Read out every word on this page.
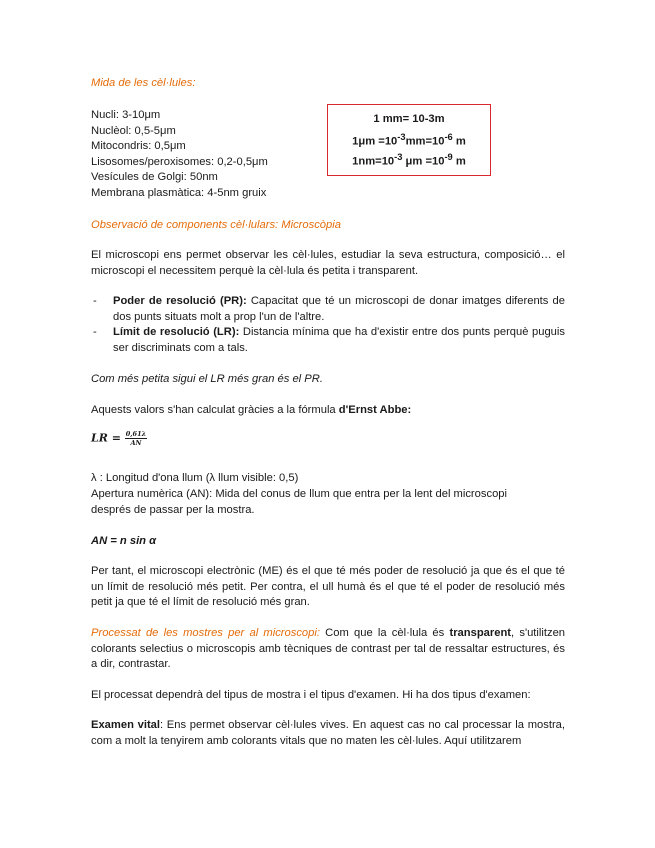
Mida de les cèl·lules:
Nucli: 3-10μm
Nuclèol: 0,5-5μm
Mitocondris: 0,5μm
Lisosomes/peroxisomes: 0,2-0,5μm
Vesícules de Golgi: 50nm
Membrana plasmàtica: 4-5nm gruix
1 mm= 10-3m
$1\mu m =10^{-3}mm=10^{-6}$ m
$1nm=10^{-3}$ $\mu m =10^{-9}$ m
Observació de components cèl·lulars: Microscòpia

El microscopi ens permet observar les cèl·lules, estudiar la seva estructura, composició… el microscopi el necessitem perquè la cèl·lula és petita i transparent.

- Poder de resolució (PR): Capacitat que té un microscopi de donar imatges diferents de dos punts situats molt a prop l'un de l'altre.
- Límit de resolució (LR): Distancia mínima que ha d'existir entre dos punts perquè puguis ser discriminats com a tals.

Com més petita sigui el LR més gran és el PR.

Aquests valors s'han calculat gràcies a la fórmula d'Ernst Abbe:

LR = $\frac{0,61\lambda}{AN}$

λ : Longitud d'ona llum (λ llum visible: 0,5)

Apertura numèrica (AN): Mida del conus de llum que entra per la lent del microscopi després de passar per la mostra.

AN = n sin α

Per tant, el microscopi electrònic (ME) és el que té més poder de resolució ja que és el que té un límit de resolució més petit. Per contra, el ull humà és el que té el poder de resolució més petit ja que té el límit de resolució més gran.

Processat de les mostres per al microscopi: Com que la cèl·lula és transparent, s'utilitzen colorants selectius o microscopis amb tècniques de contrast per tal de ressaltar estructures, és a dir, contrastar.

El processat dependrà del tipus de mostra i el tipus d'examen. Hi ha dos tipus d'examen:

Examen vital: Ens permet observar cèl·lules vives. En aquest cas no cal processar la mostra, com a molt la tenyirem amb colorants vitals que no maten les cèl·lules. Aquí utilitzarem
